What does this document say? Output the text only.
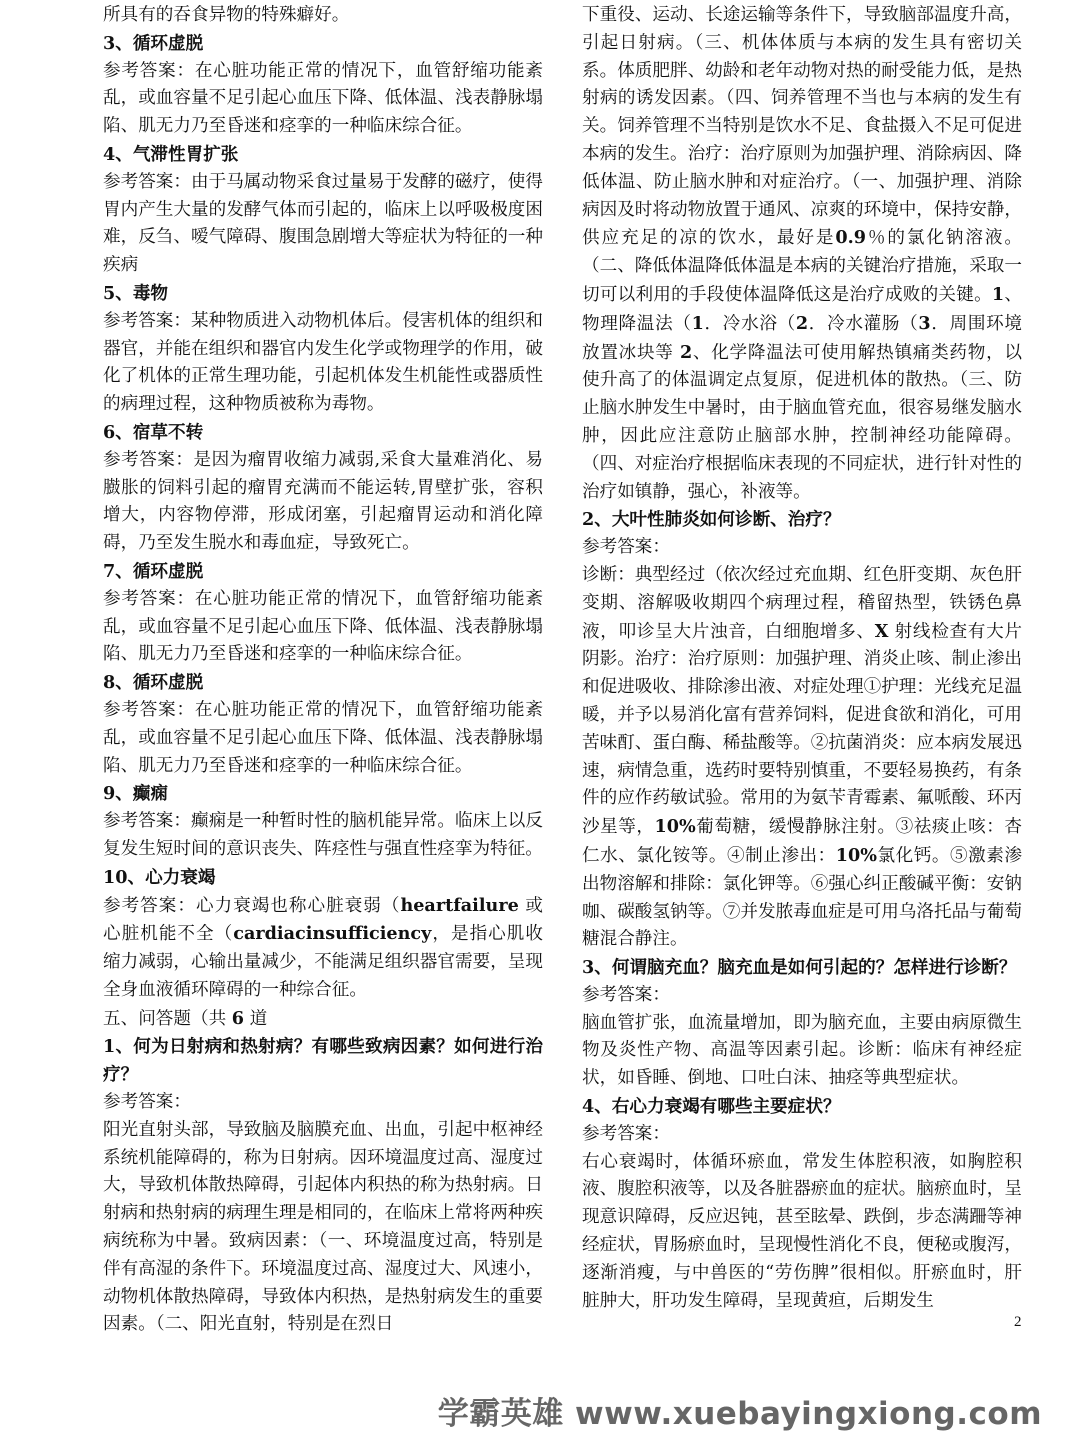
所具有的吞食异物的特殊癖好。

3、循环虚脱

参考答案：在心脏功能正常的情况下，血管舒缩功能紊乱，或血容量不足引起心血压下降、低体温、浅表静脉塌陷、肌无力乃至昏迷和痉挛的一种临床综合征。

4、气滞性胃扩张

参考答案：由于马属动物采食过量易于发酵的磁疗，使得胃内产生大量的发酵气体而引起的，临床上以呼吸极度困难，反刍、嗳气障碍、腹围急剧增大等症状为特征的一种疾病

5、毒物

参考答案：某种物质进入动物机体后。侵害机体的组织和器官，并能在组织和器官内发生化学或物理学的作用，破化了机体的正常生理功能，引起机体发生机能性或器质性的病理过程，这种物质被称为毒物。

6、宿草不转

参考答案：是因为瘤胃收缩力减弱,采食大量难消化、易臌胀的饲料引起的瘤胃充满而不能运转,胃壁扩张，容积增大，内容物停滞，形成闭塞，引起瘤胃运动和消化障碍，乃至发生脱水和毒血症，导致死亡。

7、循环虚脱

参考答案：在心脏功能正常的情况下，血管舒缩功能紊乱，或血容量不足引起心血压下降、低体温、浅表静脉塌陷、肌无力乃至昏迷和痉挛的一种临床综合征。

8、循环虚脱

参考答案：在心脏功能正常的情况下，血管舒缩功能紊乱，或血容量不足引起心血压下降、低体温、浅表静脉塌陷、肌无力乃至昏迷和痉挛的一种临床综合征。

9、癫痫

参考答案：癫痫是一种暂时性的脑机能异常。临床上以反复发生短时间的意识丧失、阵痉性与强直性痉挛为特征。

10、心力衰竭

参考答案：心力衰竭也称心脏衰弱（heartfailure 或心脏机能不全（cardiacinsufficiency，是指心肌收缩力减弱，心输出量减少，不能满足组织器官需要，呈现全身血液循环障碍的一种综合征。

五、问答题（共 6 道

1、何为日射病和热射病？有哪些致病因素？如何进行治疗？

参考答案：

阳光直射头部，导致脑及脑膜充血、出血，引起中枢神经系统机能障碍的，称为日射病。因环境温度过高、湿度过大，导致机体散热障碍，引起体内积热的称为热射病。日射病和热射病的病理生理是相同的，在临床上常将两种疾病统称为中暑。致病因素：（一、环境温度过高，特别是伴有高湿的条件下。环境温度过高、湿度过大、风速小，动物机体散热障碍，导致体内积热，是热射病发生的重要因素。（二、阳光直射，特别是在烈日

下重役、运动、长途运输等条件下，导致脑部温度升高，引起日射病。（三、机体体质与本病的发生具有密切关系。体质肥胖、幼龄和老年动物对热的耐受能力低，是热射病的诱发因素。（四、饲养管理不当也与本病的发生有关。饲养管理不当特别是饮水不足、食盐摄入不足可促进本病的发生。治疗：治疗原则为加强护理、消除病因、降低体温、防止脑水肿和对症治疗。（一、加强护理、消除病因及时将动物放置于通风、凉爽的环境中，保持安静，供应充足的凉的饮水，最好是0.9％的氯化钠溶液。（二、降低体温降低体温是本病的关键治疗措施，采取一切可以利用的手段使体温降低这是治疗成败的关键。1、物理降温法（1．冷水浴（2．冷水灌肠（3．周围环境放置冰块等 2、化学降温法可使用解热镇痛类药物，以使升高了的体温调定点复原，促进机体的散热。（三、防止脑水肿发生中暑时，由于脑血管充血，很容易继发脑水肿，因此应注意防止脑部水肿，控制神经功能障碍。（四、对症治疗根据临床表现的不同症状，进行针对性的治疗如镇静，强心，补液等。

2、大叶性肺炎如何诊断、治疗？

参考答案：

诊断：典型经过（依次经过充血期、红色肝变期、灰色肝变期、溶解吸收期四个病理过程，稽留热型，铁锈色鼻液，叩诊呈大片浊音，白细胞增多、X 射线检查有大片阴影。治疗：治疗原则：加强护理、消炎止咳、制止渗出和促进吸收、排除渗出液、对症处理①护理：光线充足温暖，并予以易消化富有营养饲料，促进食欲和消化，可用苦味酊、蛋白酶、稀盐酸等。②抗菌消炎：应本病发展迅速，病情急重，选药时要特别慎重，不要轻易换药，有条件的应作药敏试验。常用的为氨苄青霉素、氟哌酸、环丙沙星等，10%葡萄糖，缓慢静脉注射。③祛痰止咳：杏仁水、氯化铵等。④制止渗出：10%氯化钙。⑤激素渗出物溶解和排除：氯化钾等。⑥强心纠正酸碱平衡：安钠咖、碳酸氢钠等。⑦并发脓毒血症是可用乌洛托品与葡萄糖混合静注。

3、何谓脑充血？脑充血是如何引起的？怎样进行诊断？

参考答案：

脑血管扩张，血流量增加，即为脑充血，主要由病原微生物及炎性产物、高温等因素引起。诊断：临床有神经症状，如昏睡、倒地、口吐白沫、抽痉等典型症状。

4、右心力衰竭有哪些主要症状？

参考答案：

右心衰竭时，体循环瘀血，常发生体腔积液，如胸腔积液、腹腔积液等，以及各脏器瘀血的症状。脑瘀血时，呈现意识障碍，反应迟钝，甚至眩晕、跌倒，步态满跚等神经症状，胃肠瘀血时，呈现慢性消化不良，便秘或腹泻，逐渐消瘦，与中兽医的“劳伤脾”很相似。肝瘀血时，肝脏肿大，肝功发生障碍，呈现黄疸，后期发生

2
学霸英雄 www.xuebayingxiong.com
